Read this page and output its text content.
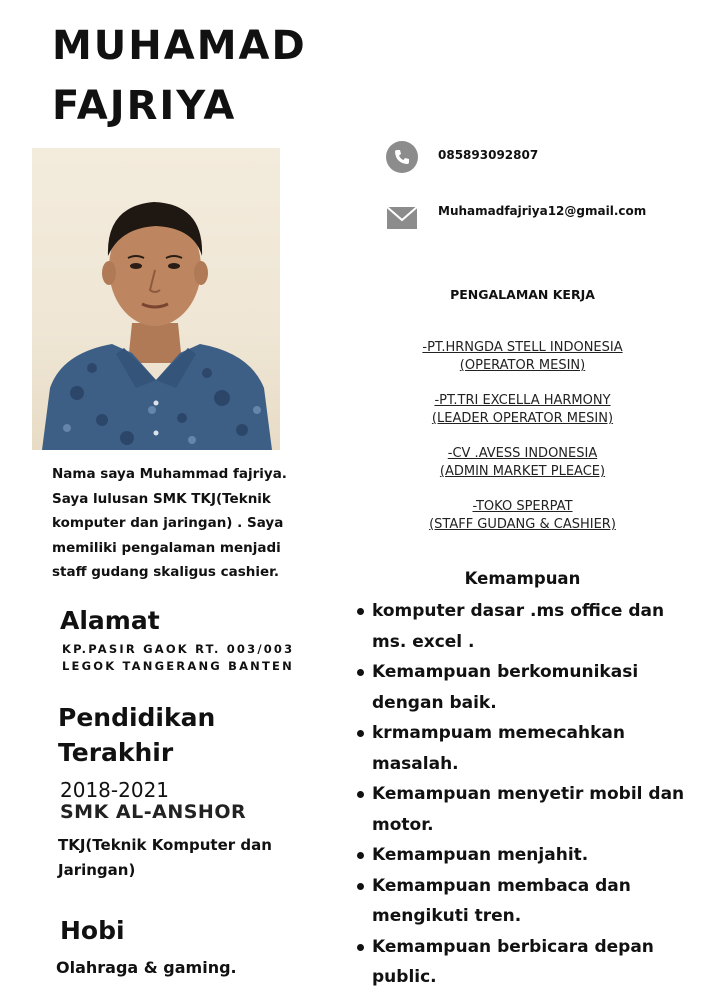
MUHAMAD
FAJRIYA
085893092807
Muhamadfajriya12@gmail.com
Nama saya Muhammad fajriya. Saya lulusan SMK TKJ(Teknik komputer dan jaringan) . Saya memiliki pengalaman menjadi staff gudang skaligus cashier.
Alamat
KP.PASIR GAOK RT. 003/003
LEGOK TANGERANG BANTEN
Pendidikan
Terakhir
2018-2021
SMK AL-ANSHOR
TKJ(Teknik Komputer dan Jaringan)
Hobi
Olahraga & gaming.
PENGALAMAN KERJA
-PT.HRNGDA STELL INDONESIA
(OPERATOR MESIN)
-PT.TRI EXCELLA HARMONY
(LEADER OPERATOR MESIN)
-CV .AVESS INDONESIA
(ADMIN MARKET PLEACE)
-TOKO SPERPAT
(STAFF GUDANG & CASHIER)
Kemampuan
komputer dasar .ms office dan ms. excel .
Kemampuan berkomunikasi dengan baik.
krmampuam memecahkan masalah.
Kemampuan menyetir mobil dan motor.
Kemampuan menjahit.
Kemampuan membaca dan mengikuti tren.
Kemampuan berbicara depan public.
